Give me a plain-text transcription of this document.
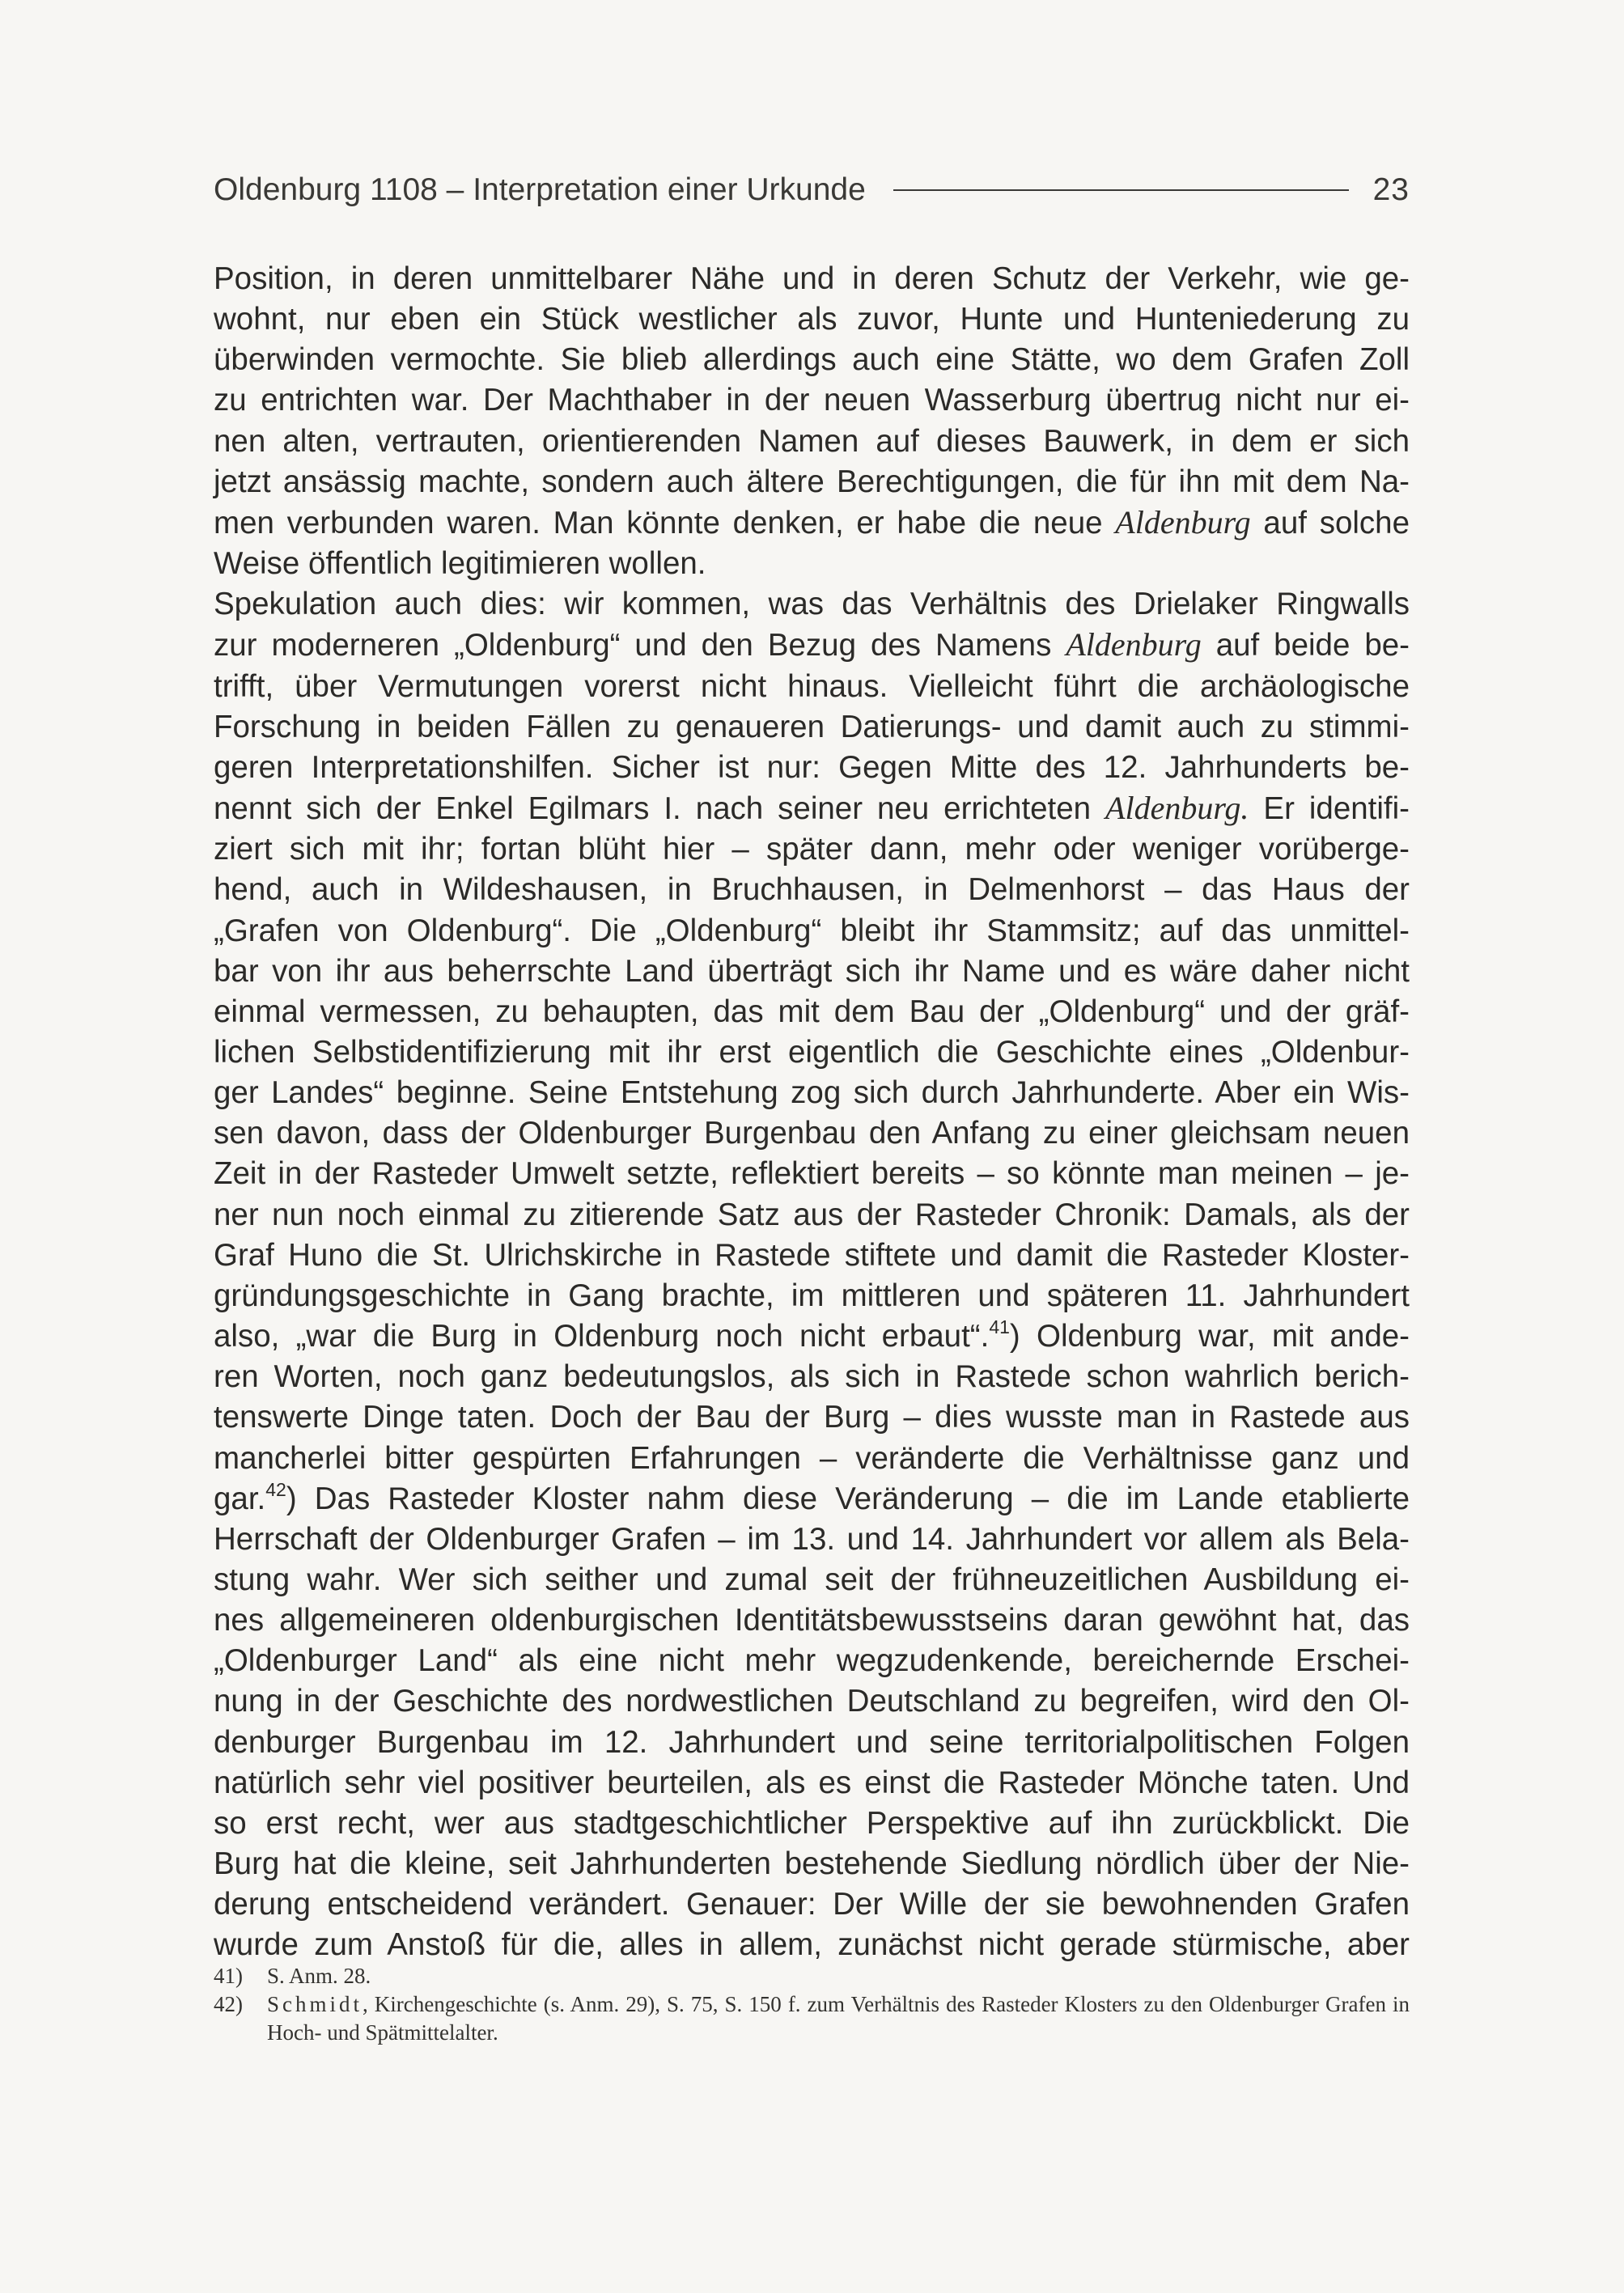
Oldenburg 1108 – Interpretation einer Urkunde	23

Position, in deren unmittelbarer Nähe und in deren Schutz der Verkehr, wie ge-
wohnt, nur eben ein Stück westlicher als zuvor, Hunte und Hunteniederung zu
überwinden vermochte. Sie blieb allerdings auch eine Stätte, wo dem Grafen Zoll
zu entrichten war. Der Machthaber in der neuen Wasserburg übertrug nicht nur ei-
nen alten, vertrauten, orientierenden Namen auf dieses Bauwerk, in dem er sich
jetzt ansässig machte, sondern auch ältere Berechtigungen, die für ihn mit dem Na-
men verbunden waren. Man könnte denken, er habe die neue Aldenburg auf solche
Weise öffentlich legitimieren wollen.

Spekulation auch dies: wir kommen, was das Verhältnis des Drielaker Ringwalls
zur moderneren „Oldenburg“ und den Bezug des Namens Aldenburg auf beide be-
trifft, über Vermutungen vorerst nicht hinaus. Vielleicht führt die archäologische
Forschung in beiden Fällen zu genaueren Datierungs- und damit auch zu stimmi-
geren Interpretationshilfen. Sicher ist nur: Gegen Mitte des 12. Jahrhunderts be-
nennt sich der Enkel Egilmars I. nach seiner neu errichteten Aldenburg. Er identifi-
ziert sich mit ihr; fortan blüht hier – später dann, mehr oder weniger vorüberge-
hend, auch in Wildeshausen, in Bruchhausen, in Delmenhorst – das Haus der
„Grafen von Oldenburg“. Die „Oldenburg“ bleibt ihr Stammsitz; auf das unmittel-
bar von ihr aus beherrschte Land überträgt sich ihr Name und es wäre daher nicht
einmal vermessen, zu behaupten, das mit dem Bau der „Oldenburg“ und der gräf-
lichen Selbstidentifizierung mit ihr erst eigentlich die Geschichte eines „Oldenbur-
ger Landes“ beginne. Seine Entstehung zog sich durch Jahrhunderte. Aber ein Wis-
sen davon, dass der Oldenburger Burgenbau den Anfang zu einer gleichsam neuen
Zeit in der Rasteder Umwelt setzte, reflektiert bereits – so könnte man meinen – je-
ner nun noch einmal zu zitierende Satz aus der Rasteder Chronik: Damals, als der
Graf Huno die St. Ulrichskirche in Rastede stiftete und damit die Rasteder Kloster-
gründungsgeschichte in Gang brachte, im mittleren und späteren 11. Jahrhundert
also, „war die Burg in Oldenburg noch nicht erbaut“.$^{41}$) Oldenburg war, mit ande-
ren Worten, noch ganz bedeutungslos, als sich in Rastede schon wahrlich berich-
tenswerte Dinge taten. Doch der Bau der Burg – dies wusste man in Rastede aus
mancherlei bitter gespürten Erfahrungen – veränderte die Verhältnisse ganz und
gar.$^{42}$) Das Rasteder Kloster nahm diese Veränderung – die im Lande etablierte
Herrschaft der Oldenburger Grafen – im 13. und 14. Jahrhundert vor allem als Bela-
stung wahr. Wer sich seither und zumal seit der frühneuzeitlichen Ausbildung ei-
nes allgemeineren oldenburgischen Identitätsbewusstseins daran gewöhnt hat, das
„Oldenburger Land“ als eine nicht mehr wegzudenkende, bereichernde Erschei-
nung in der Geschichte des nordwestlichen Deutschland zu begreifen, wird den Ol-
denburger Burgenbau im 12. Jahrhundert und seine territorialpolitischen Folgen
natürlich sehr viel positiver beurteilen, als es einst die Rasteder Mönche taten. Und
so erst recht, wer aus stadtgeschichtlicher Perspektive auf ihn zurückblickt. Die
Burg hat die kleine, seit Jahrhunderten bestehende Siedlung nördlich über der Nie-
derung entscheidend verändert. Genauer: Der Wille der sie bewohnenden Grafen
wurde zum Anstoß für die, alles in allem, zunächst nicht gerade stürmische, aber

41)	S. Anm. 28.
42)	Schmidt, Kirchengeschichte (s. Anm. 29), S. 75, S. 150 f. zum Verhältnis des Rasteder Klosters zu den Oldenburger Grafen in Hoch- und Spätmittelalter.
